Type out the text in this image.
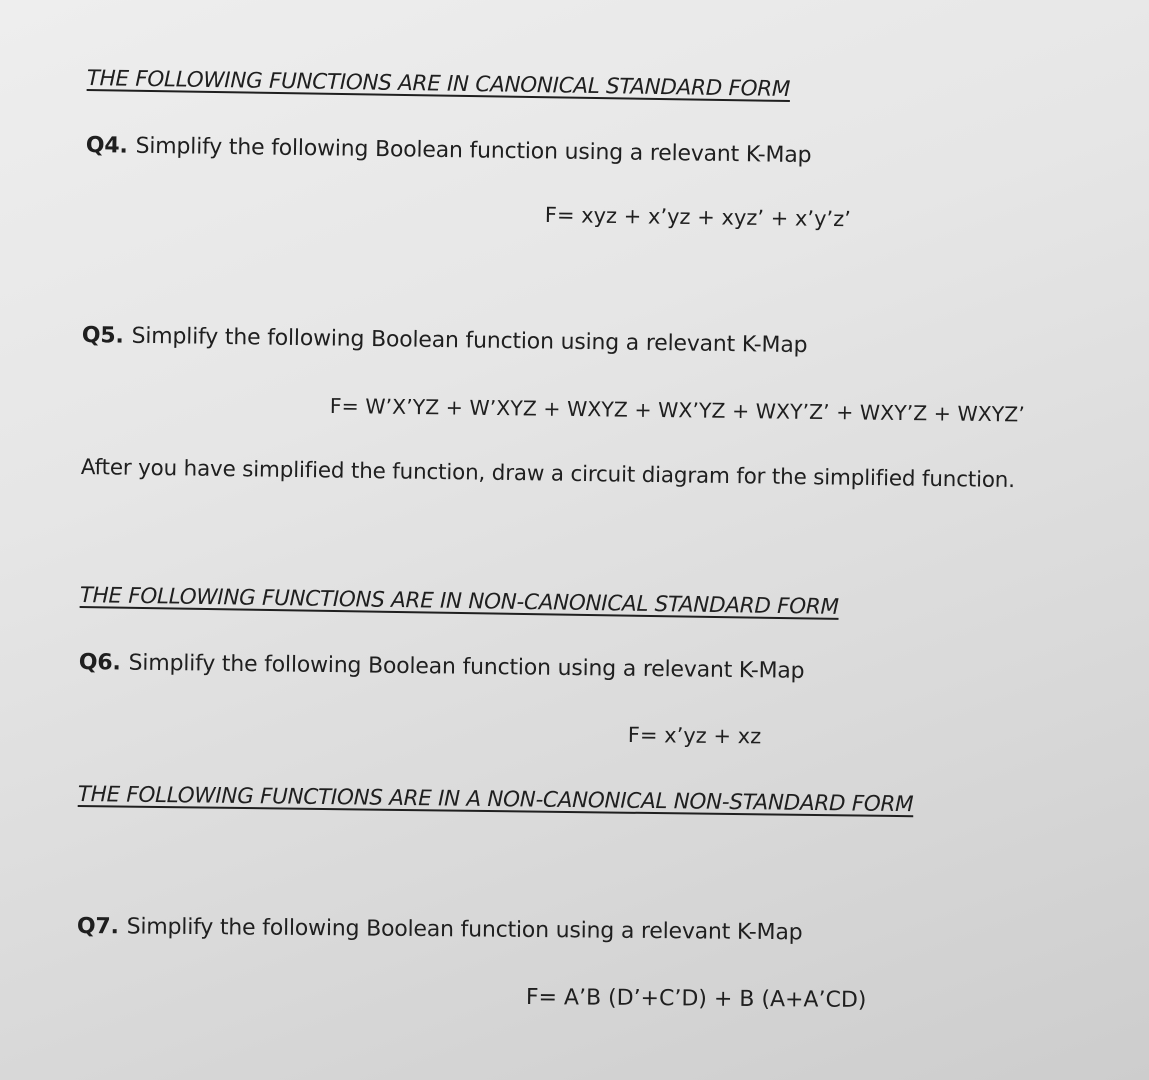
THE FOLLOWING FUNCTIONS ARE IN CANONICAL STANDARD FORM
Q4. Simplify the following Boolean function using a relevant K-Map
F= xyz + x’yz + xyz’ + x’y’z’
Q5. Simplify the following Boolean function using a relevant K-Map
F= W’X’YZ + W’XYZ + WXYZ + WX’YZ + WXY’Z’ + WXY’Z + WXYZ’
After you have simplified the function, draw a circuit diagram for the simplified function.
THE FOLLOWING FUNCTIONS ARE IN NON-CANONICAL STANDARD FORM
Q6. Simplify the following Boolean function using a relevant K-Map
F= x’yz + xz
THE FOLLOWING FUNCTIONS ARE IN A NON-CANONICAL NON-STANDARD FORM
Q7. Simplify the following Boolean function using a relevant K-Map
F= A’B (D’+C’D) + B (A+A’CD)
